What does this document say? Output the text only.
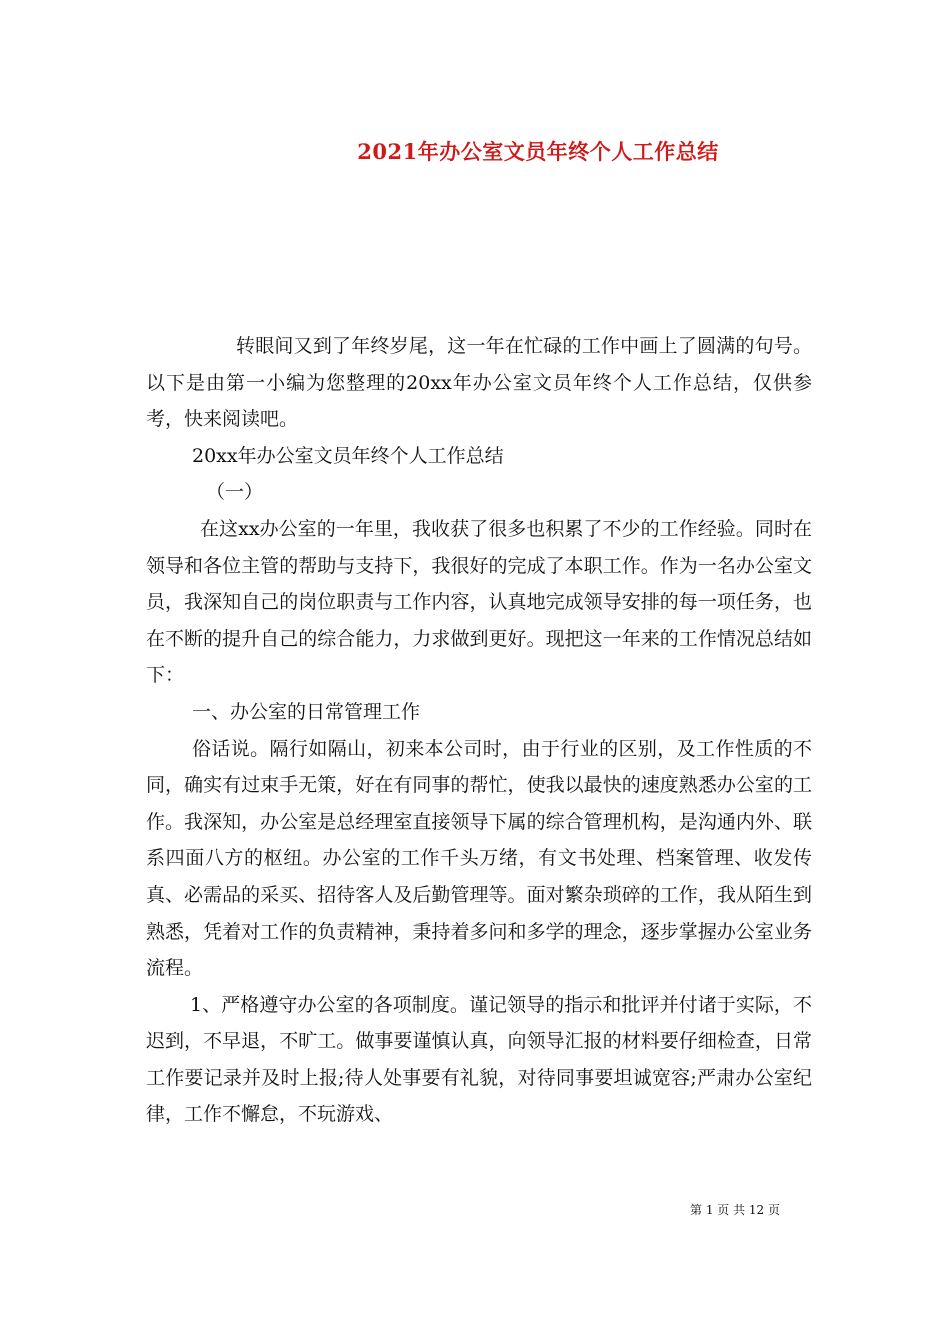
2021年办公室文员年终个人工作总结

转眼间又到了年终岁尾，这一年在忙碌的工作中画上了圆满的句号。以下是由第一小编为您整理的20xx年办公室文员年终个人工作总结，仅供参考，快来阅读吧。

20xx年办公室文员年终个人工作总结

（一）

在这xx办公室的一年里，我收获了很多也积累了不少的工作经验。同时在领导和各位主管的帮助与支持下，我很好的完成了本职工作。作为一名办公室文员，我深知自己的岗位职责与工作内容，认真地完成领导安排的每一项任务，也在不断的提升自己的综合能力，力求做到更好。现把这一年来的工作情况总结如下：

一、办公室的日常管理工作

俗话说。隔行如隔山，初来本公司时，由于行业的区别，及工作性质的不同，确实有过束手无策，好在有同事的帮忙，使我以最快的速度熟悉办公室的工作。我深知，办公室是总经理室直接领导下属的综合管理机构，是沟通内外、联系四面八方的枢纽。办公室的工作千头万绪，有文书处理、档案管理、收发传真、必需品的采买、招待客人及后勤管理等。面对繁杂琐碎的工作，我从陌生到熟悉，凭着对工作的负责精神，秉持着多问和多学的理念，逐步掌握办公室业务流程。

1、严格遵守办公室的各项制度。谨记领导的指示和批评并付诸于实际，不迟到，不早退，不旷工。做事要谨慎认真，向领导汇报的材料要仔细检查，日常工作要记录并及时上报;待人处事要有礼貌，对待同事要坦诚宽容;严肃办公室纪律，工作不懈怠，不玩游戏、

第 1 页 共 12 页
